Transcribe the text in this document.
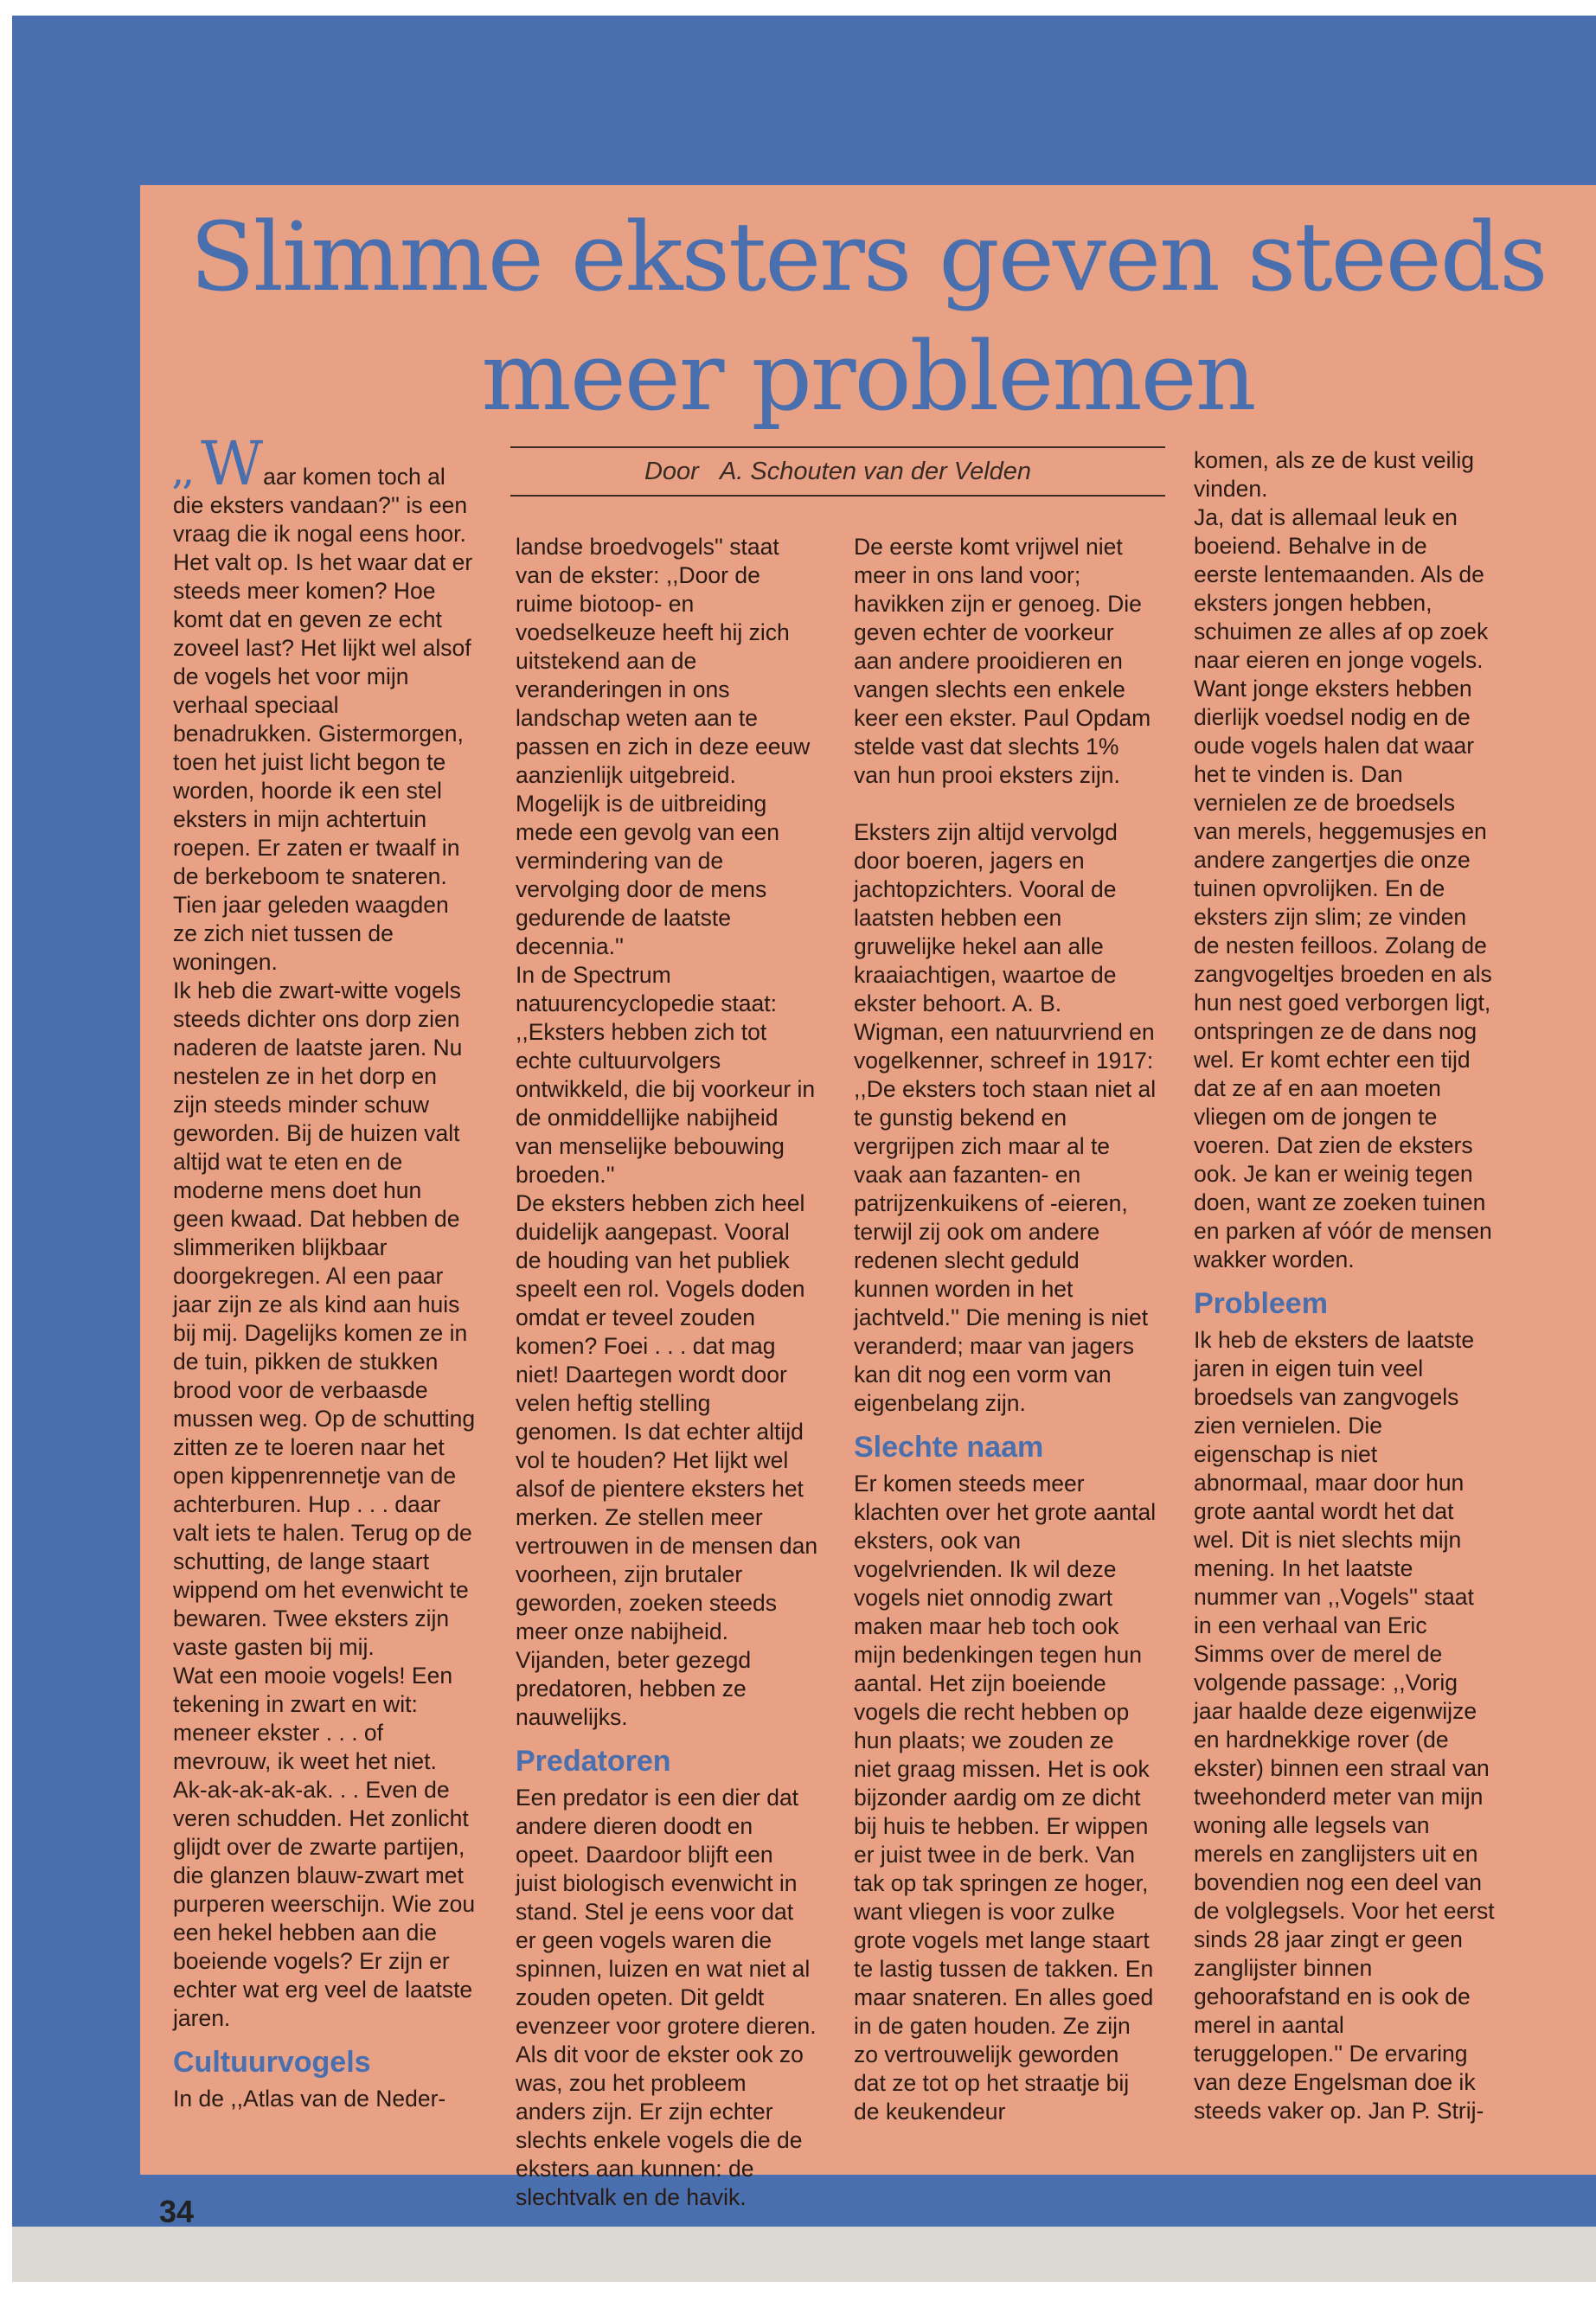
Slimme eksters geven steeds meer problemen

,, Waar komen toch al die eksters vandaan?'' is een vraag die ik nogal eens hoor. Het valt op. Is het waar dat er steeds meer komen? Hoe komt dat en geven ze echt zoveel last? Het lijkt wel alsof de vogels het voor mijn verhaal speciaal benadrukken. Gistermorgen, toen het juist licht begon te worden, hoorde ik een stel eksters in mijn achtertuin roepen. Er zaten er twaalf in de berkeboom te snateren. Tien jaar geleden waagden ze zich niet tussen de woningen.

Ik heb die zwart-witte vogels steeds dichter ons dorp zien naderen de laatste jaren. Nu nestelen ze in het dorp en zijn steeds minder schuw geworden. Bij de huizen valt altijd wat te eten en de moderne mens doet hun geen kwaad. Dat hebben de slimmeriken blijkbaar doorgekregen. Al een paar jaar zijn ze als kind aan huis bij mij. Dagelijks komen ze in de tuin, pikken de stukken brood voor de verbaasde mussen weg. Op de schutting zitten ze te loeren naar het open kippenrennetje van de achterburen. Hup . . . daar valt iets te halen. Terug op de schutting, de lange staart wippend om het evenwicht te bewaren. Twee eksters zijn vaste gasten bij mij.

Wat een mooie vogels! Een tekening in zwart en wit: meneer ekster . . . of mevrouw, ik weet het niet. Ak-ak-ak-ak-ak. . . Even de veren schudden. Het zonlicht glijdt over de zwarte partijen, die glanzen blauw-zwart met purperen weerschijn. Wie zou een hekel hebben aan die boeiende vogels? Er zijn er echter wat erg veel de laatste jaren.

Cultuurvogels

In de ,,Atlas van de Neder-

Door A. Schouten van der Velden

landse broedvogels'' staat van de ekster: ,,Door de ruime biotoop- en voedselkeuze heeft hij zich uitstekend aan de veranderingen in ons landschap weten aan te passen en zich in deze eeuw aanzienlijk uitgebreid. Mogelijk is de uitbreiding mede een gevolg van een vermindering van de vervolging door de mens gedurende de laatste decennia.''

In de Spectrum natuurencyclopedie staat: ,,Eksters hebben zich tot echte cultuurvolgers ontwikkeld, die bij voorkeur in de onmiddellijke nabijheid van menselijke bebouwing broeden.''

De eksters hebben zich heel duidelijk aangepast. Vooral de houding van het publiek speelt een rol. Vogels doden omdat er teveel zouden komen? Foei . . . dat mag niet! Daartegen wordt door velen heftig stelling genomen. Is dat echter altijd vol te houden? Het lijkt wel alsof de pientere eksters het merken. Ze stellen meer vertrouwen in de mensen dan voorheen, zijn brutaler geworden, zoeken steeds meer onze nabijheid. Vijanden, beter gezegd predatoren, hebben ze nauwelijks.

Predatoren

Een predator is een dier dat andere dieren doodt en opeet. Daardoor blijft een juist biologisch evenwicht in stand. Stel je eens voor dat er geen vogels waren die spinnen, luizen en wat niet al zouden opeten. Dit geldt evenzeer voor grotere dieren. Als dit voor de ekster ook zo was, zou het probleem anders zijn. Er zijn echter slechts enkele vogels die de eksters aan kunnen: de slechtvalk en de havik.

De eerste komt vrijwel niet meer in ons land voor; havikken zijn er genoeg. Die geven echter de voorkeur aan andere prooidieren en vangen slechts een enkele keer een ekster. Paul Opdam stelde vast dat slechts 1% van hun prooi eksters zijn.

Eksters zijn altijd vervolgd door boeren, jagers en jachtopzichters. Vooral de laatsten hebben een gruwelijke hekel aan alle kraaiachtigen, waartoe de ekster behoort. A. B. Wigman, een natuurvriend en vogelkenner, schreef in 1917: ,,De eksters toch staan niet al te gunstig bekend en vergrijpen zich maar al te vaak aan fazanten- en patrijzenkuikens of -eieren, terwijl zij ook om andere redenen slecht geduld kunnen worden in het jachtveld.'' Die mening is niet veranderd; maar van jagers kan dit nog een vorm van eigenbelang zijn.

Slechte naam

Er komen steeds meer klachten over het grote aantal eksters, ook van vogelvrienden. Ik wil deze vogels niet onnodig zwart maken maar heb toch ook mijn bedenkingen tegen hun aantal. Het zijn boeiende vogels die recht hebben op hun plaats; we zouden ze niet graag missen. Het is ook bijzonder aardig om ze dicht bij huis te hebben. Er wippen er juist twee in de berk. Van tak op tak springen ze hoger, want vliegen is voor zulke grote vogels met lange staart te lastig tussen de takken. En maar snateren. En alles goed in de gaten houden. Ze zijn zo vertrouwelijk geworden dat ze tot op het straatje bij de keukendeur

komen, als ze de kust veilig vinden.

Ja, dat is allemaal leuk en boeiend. Behalve in de eerste lentemaanden. Als de eksters jongen hebben, schuimen ze alles af op zoek naar eieren en jonge vogels. Want jonge eksters hebben dierlijk voedsel nodig en de oude vogels halen dat waar het te vinden is. Dan vernielen ze de broedsels van merels, heggemusjes en andere zangertjes die onze tuinen opvrolijken. En de eksters zijn slim; ze vinden de nesten feilloos. Zolang de zangvogeltjes broeden en als hun nest goed verborgen ligt, ontspringen ze de dans nog wel. Er komt echter een tijd dat ze af en aan moeten vliegen om de jongen te voeren. Dat zien de eksters ook. Je kan er weinig tegen doen, want ze zoeken tuinen en parken af vóór de mensen wakker worden.

Probleem

Ik heb de eksters de laatste jaren in eigen tuin veel broedsels van zangvogels zien vernielen. Die eigenschap is niet abnormaal, maar door hun grote aantal wordt het dat wel. Dit is niet slechts mijn mening. In het laatste nummer van ,,Vogels'' staat in een verhaal van Eric Simms over de merel de volgende passage: ,,Vorig jaar haalde deze eigenwijze en hardnekkige rover (de ekster) binnen een straal van tweehonderd meter van mijn woning alle legsels van merels en zanglijsters uit en bovendien nog een deel van de volglegsels. Voor het eerst sinds 28 jaar zingt er geen zanglijster binnen gehoorafstand en is ook de merel in aantal teruggelopen.'' De ervaring van deze Engelsman doe ik steeds vaker op. Jan P. Strij-

34
